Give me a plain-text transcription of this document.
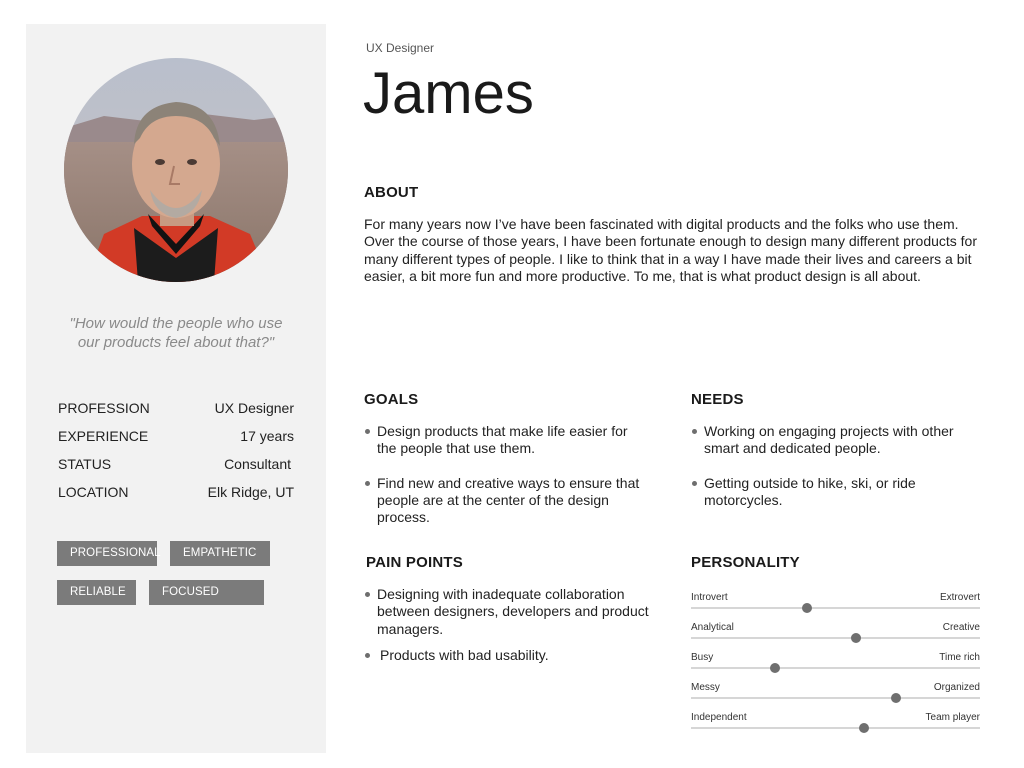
"How would the people who use our products feel about that?"
PROFESSION	UX Designer
EXPERIENCE	17 years
STATUS	Consultant
LOCATION	Elk Ridge, UT
PROFESSIONAL	EMPATHETIC
RELIABLE	FOCUSED
UX Designer
James
ABOUT
For many years now I’ve have been fascinated with digital products and the folks who use them. Over the course of those years, I have been fortunate enough to design many different products for many different types of people. I like to think that in a way I have made their lives and careers a bit easier, a bit more fun and more productive. To me, that is what product design is all about.
GOALS
Design products that make life easier for the people that use them.
Find new and creative ways to ensure that people are at the center of the design process.
NEEDS
Working on engaging projects with other smart and dedicated people.
Getting outside to hike, ski, or ride motorcycles.
PAIN POINTS
Designing with inadequate collaboration between designers, developers and product managers.
Products with bad usability.
PERSONALITY
Introvert	Extrovert
Analytical	Creative
Busy	Time rich
Messy	Organized
Independent	Team player
